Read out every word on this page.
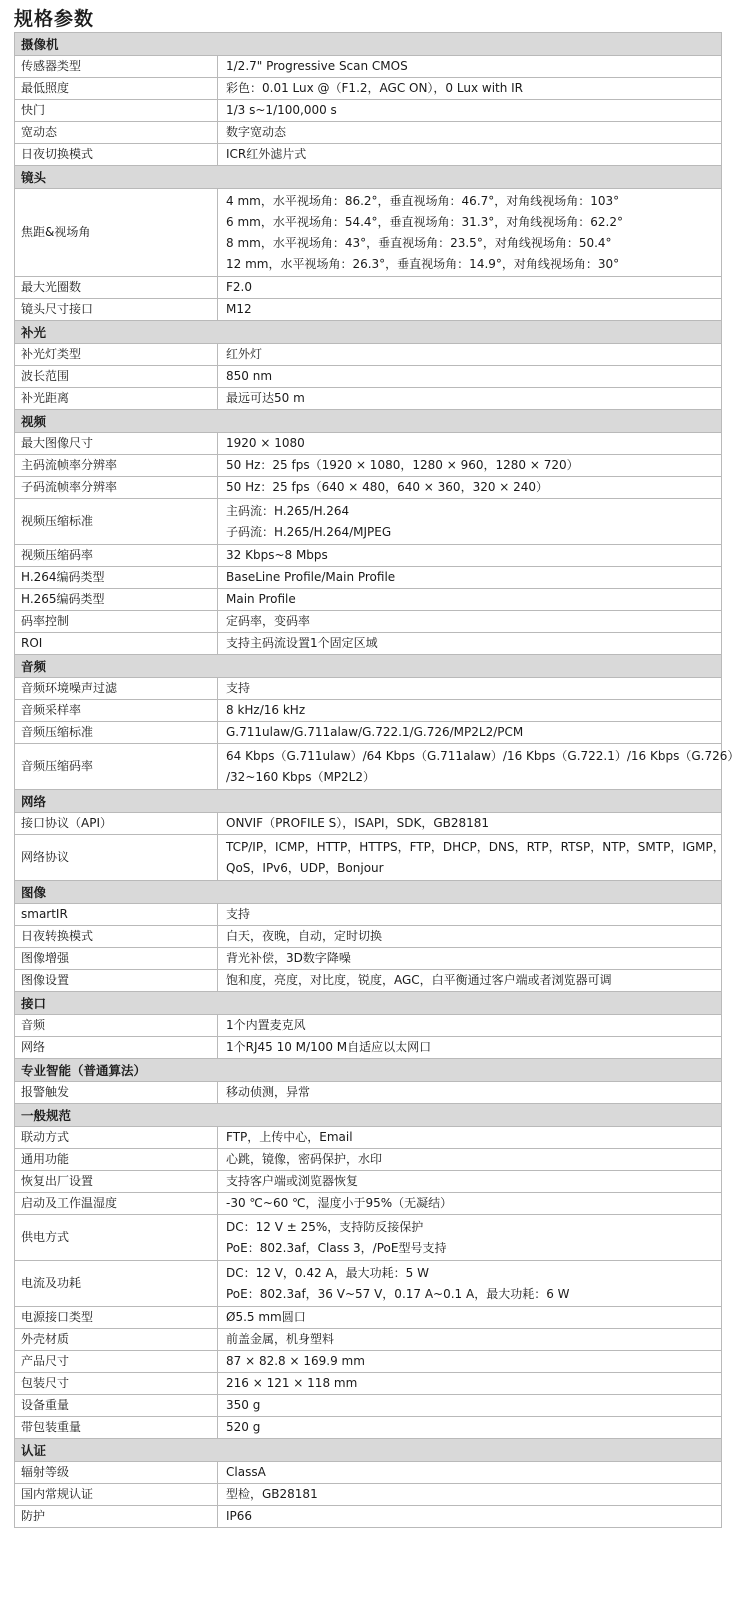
规格参数
摄像机	
传感器类型	1/2.7" Progressive Scan CMOS

最低照度	彩色：0.01 Lux @（F1.2，AGC ON），0 Lux with IR

快门	1/3 s~1/100,000 s

宽动态	数字宽动态

日夜切换模式	ICR红外滤片式

镜头	
焦距&视场角	4 mm，水平视场角：86.2°，垂直视场角：46.7°，对角线视场角：103°
6 mm，水平视场角：54.4°，垂直视场角：31.3°，对角线视场角：62.2°
8 mm，水平视场角：43°，垂直视场角：23.5°，对角线视场角：50.4°
12 mm，水平视场角：26.3°，垂直视场角：14.9°，对角线视场角：30°

最大光圈数	F2.0

镜头尺寸接口	M12

补光	
补光灯类型	红外灯

波长范围	850 nm

补光距离	最远可达50 m

视频	
最大图像尺寸	1920 × 1080

主码流帧率分辨率	50 Hz：25 fps（1920 × 1080，1280 × 960，1280 × 720）

子码流帧率分辨率	50 Hz：25 fps（640 × 480，640 × 360，320 × 240）

视频压缩标准	主码流：H.265/H.264
子码流：H.265/H.264/MJPEG

视频压缩码率	32 Kbps~8 Mbps

H.264编码类型	BaseLine Profile/Main Profile

H.265编码类型	Main Profile

码率控制	定码率，变码率

ROI	支持主码流设置1个固定区域

音频	
音频环境噪声过滤	支持

音频采样率	8 kHz/16 kHz

音频压缩标准	G.711ulaw/G.711alaw/G.722.1/G.726/MP2L2/PCM

音频压缩码率	64 Kbps（G.711ulaw）/64 Kbps（G.711alaw）/16 Kbps（G.722.1）/16 Kbps（G.726）
/32~160 Kbps（MP2L2）

网络	
接口协议（API）	ONVIF（PROFILE S），ISAPI，SDK，GB28181

网络协议	TCP/IP，ICMP，HTTP，HTTPS，FTP，DHCP，DNS，RTP，RTSP，NTP，SMTP，IGMP，
QoS，IPv6，UDP，Bonjour

图像	
smartIR	支持

日夜转换模式	白天，夜晚，自动，定时切换

图像增强	背光补偿，3D数字降噪

图像设置	饱和度，亮度，对比度，锐度，AGC，白平衡通过客户端或者浏览器可调

接口	
音频	1个内置麦克风

网络	1个RJ45 10 M/100 M自适应以太网口

专业智能（普通算法）	
报警触发	移动侦测，异常

一般规范	
联动方式	FTP，上传中心，Email

通用功能	心跳，镜像，密码保护，水印

恢复出厂设置	支持客户端或浏览器恢复

启动及工作温湿度	-30 ℃~60 ℃，湿度小于95%（无凝结）

供电方式	DC：12 V ± 25%，支持防反接保护
PoE：802.3af，Class 3，/PoE型号支持

电流及功耗	DC：12 V，0.42 A，最大功耗：5 W
PoE：802.3af，36 V~57 V，0.17 A~0.1 A，最大功耗：6 W

电源接口类型	Ø5.5 mm圆口

外壳材质	前盖金属，机身塑料

产品尺寸	87 × 82.8 × 169.9 mm

包装尺寸	216 × 121 × 118 mm

设备重量	350 g

带包装重量	520 g

认证	
辐射等级	ClassA

国内常规认证	型检，GB28181

防护	IP66
